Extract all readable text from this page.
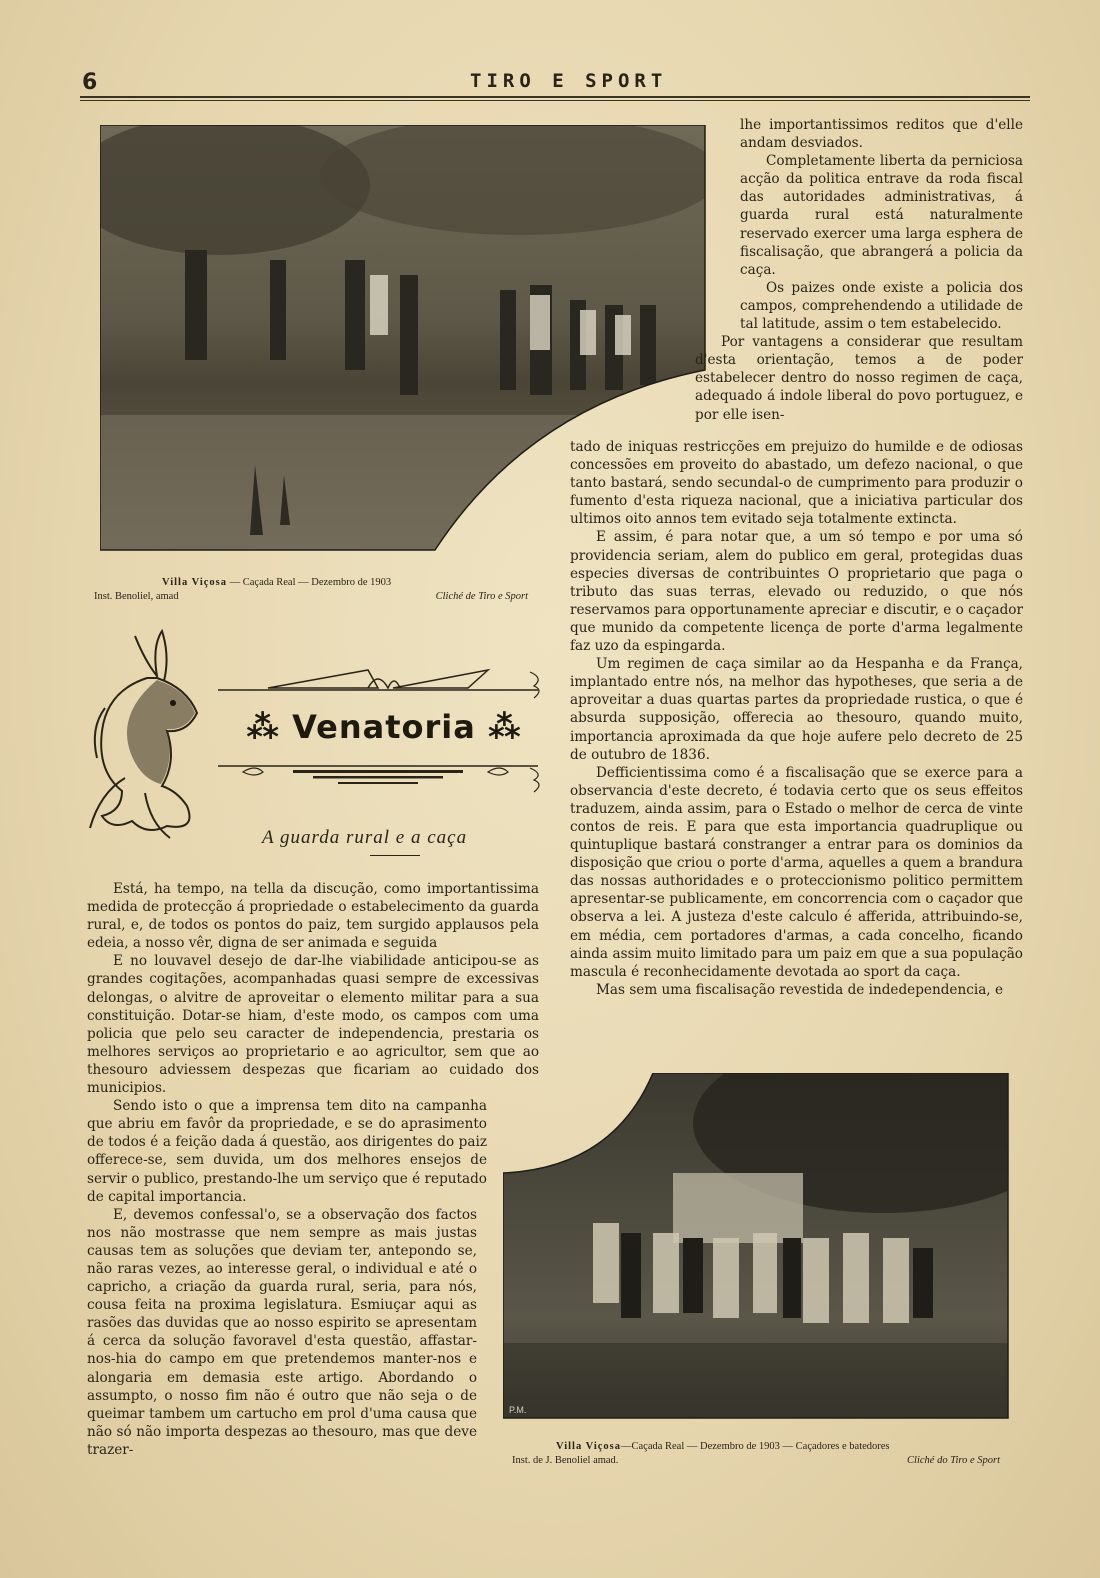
6	TIRO E SPORT
Villa Viçosa — Caçada Real — Dezembro de 1903
Inst. Benoliel, amad	Cliché de Tiro e Sport
⁂ Venatoria ⁂
A guarda rural e a caça

Está, ha tempo, na tella da discução, como importantissima medida de protecção á propriedade o estabelecimento da guarda rural, e, de todos os pontos do paiz, tem surgido applausos pela edeia, a nosso vêr, digna de ser animada e seguida

E no louvavel desejo de dar-lhe viabilidade anticipou-se as grandes cogitações, acompanhadas quasi sempre de excessivas delongas, o alvitre de aproveitar o elemento militar para a sua constituição. Dotar-se hiam, d'este modo, os campos com uma policia que pelo seu caracter de independencia, prestaria os melhores serviços ao proprietario e ao agricultor, sem que ao thesouro adviessem despezas que ficariam ao cuidado dos municipios.

Sendo isto o que a imprensa tem dito na campanha que abriu em favôr da propriedade, e se do aprasimento de todos é a feição dada á questão, aos dirigentes do paiz offerece-se, sem duvida, um dos melhores ensejos de servir o publico, prestando-lhe um serviço que é reputado de capital importancia.

E, devemos confessal'o, se a observação dos factos nos não mostrasse que nem sempre as mais justas causas tem as soluções que deviam ter, antepondo se, não raras vezes, ao interesse geral, o individual e até o capricho, a criação da guarda rural, seria, para nós, cousa feita na proxima legislatura. Esmiuçar aqui as rasões das duvidas que ao nosso espirito se apresentam á cerca da solução favoravel d'esta questão, affastar-nos-hia do campo em que pretendemos manter-nos e alongaria em demasia este artigo. Abordando o assumpto, o nosso fim não é outro que não seja o de queimar tambem um cartucho em prol d'uma causa que não só não importa despezas ao thesouro, mas que deve trazer-

lhe importantissimos reditos que d'elle andam desviados.

Completamente liberta da perniciosa acção da politica entrave da roda fiscal das autoridades administrativas, á guarda rural está naturalmente reservado exercer uma larga esphera de fiscalisação, que abrangerá a policia da caça.

Os paizes onde existe a policia dos campos, comprehendendo a utilidade de tal latitude, assim o tem estabelecido.

Por vantagens a considerar que resultam d'esta orientação, temos a de poder estabelecer dentro do nosso regimen de caça, adequado á indole liberal do povo portuguez, e por elle isen-

tado de iniquas restricções em prejuizo do humilde e de odiosas concessões em proveito do abastado, um defezo nacional, o que tanto bastará, sendo secundal-o de cumprimento para produzir o fumento d'esta riqueza nacional, que a iniciativa particular dos ultimos oito annos tem evitado seja totalmente extincta.

E assim, é para notar que, a um só tempo e por uma só providencia seriam, alem do publico em geral, protegidas duas especies diversas de contribuintes O proprietario que paga o tributo das suas terras, elevado ou reduzido, o que nós reservamos para opportunamente apreciar e discutir, e o caçador que munido da competente licença de porte d'arma legalmente faz uzo da espingarda.

Um regimen de caça similar ao da Hespanha e da França, implantado entre nós, na melhor das hypotheses, que seria a de aproveitar a duas quartas partes da propriedade rustica, o que é absurda supposição, offerecia ao thesouro, quando muito, importancia aproximada da que hoje aufere pelo decreto de 25 de outubro de 1836.

Defficientissima como é a fiscalisação que se exerce para a observancia d'este decreto, é todavia certo que os seus effeitos traduzem, ainda assim, para o Estado o melhor de cerca de vinte contos de reis. E para que esta importancia quadruplique ou quintuplique bastará constranger a entrar para os dominios da disposição que criou o porte d'arma, aquelles a quem a brandura das nossas authoridades e o proteccionismo politico permittem apresentar-se publicamente, em concorrencia com o caçador que observa a lei. A justeza d'este calculo é afferida, attribuindo-se, em média, cem portadores d'armas, a cada concelho, ficando ainda assim muito limitado para um paiz em que a sua população mascula é reconhecidamente devotada ao sport da caça.

Mas sem uma fiscalisação revestida de indedependencia, e

P.M.
Villa Viçosa—Caçada Real — Dezembro de 1903 — Caçadores e batedores
Inst. de J. Benoliel amad.	Cliché do Tiro e Sport
